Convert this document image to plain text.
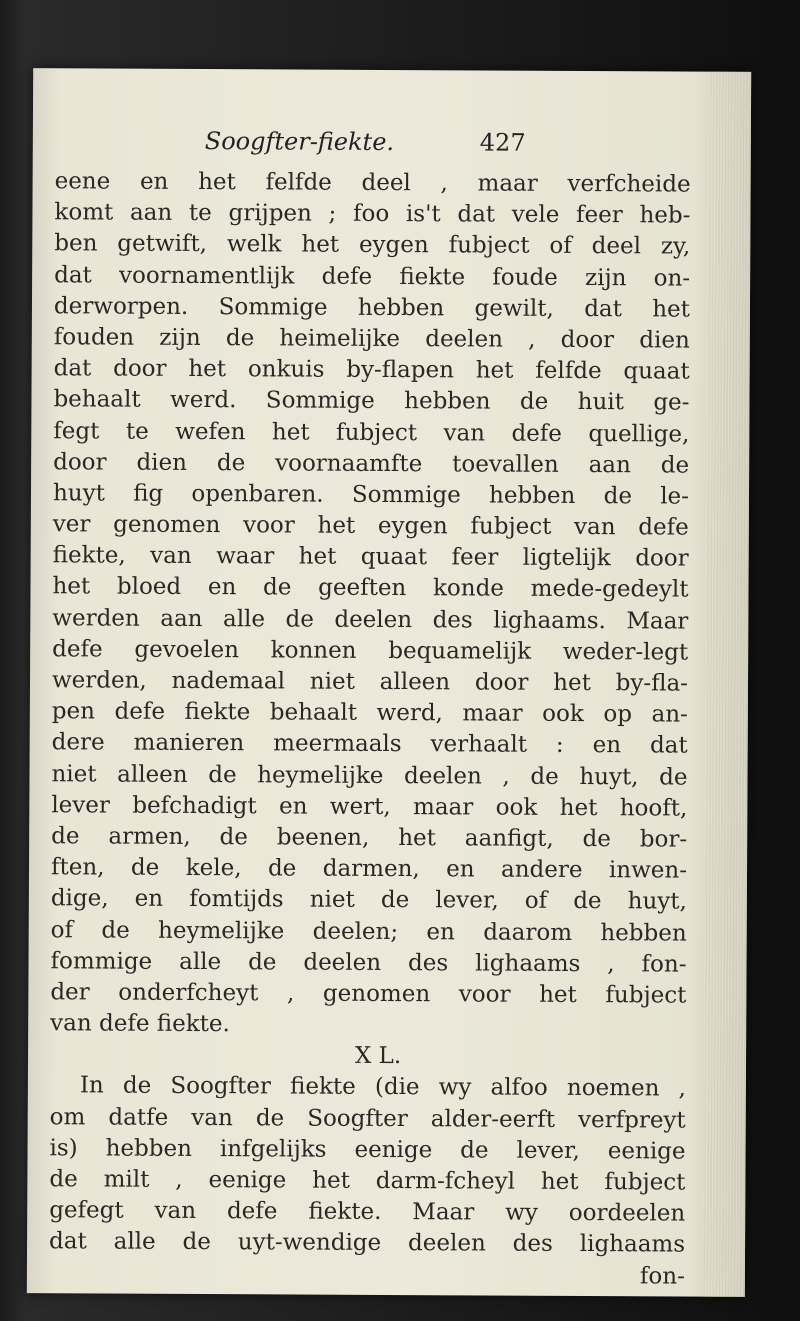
Soogfter-fiekte.	427
eene en het felfde deel , maar verfcheide
komt aan te grijpen ; foo is't dat vele feer heb-
ben getwift, welk het eygen fubject of deel zy,
dat voornamentlijk defe fiekte foude zijn on-
derworpen. Sommige hebben gewilt, dat het
fouden zijn de heimelijke deelen , door dien
dat door het onkuis by-flapen het felfde quaat
behaalt werd. Sommige hebben de huit ge-
fegt te wefen het fubject van defe quellige,
door dien de voornaamfte toevallen aan de
huyt fig openbaren. Sommige hebben de le-
ver genomen voor het eygen fubject van defe
fiekte, van waar het quaat feer ligtelijk door
het bloed en de geeften konde mede-gedeylt
werden aan alle de deelen des lighaams. Maar
defe gevoelen konnen bequamelijk weder-legt
werden, nademaal niet alleen door het by-fla-
pen defe fiekte behaalt werd, maar ook op an-
dere manieren meermaals verhaalt : en dat
niet alleen de heymelijke deelen , de huyt, de
lever befchadigt en wert, maar ook het hooft,
de armen, de beenen, het aanfigt, de bor-
ften, de kele, de darmen, en andere inwen-
dige, en fomtijds niet de lever, of de huyt,
of de heymelijke deelen; en daarom hebben
fommige alle de deelen des lighaams , fon-
der onderfcheyt , genomen voor het fubject
van defe fiekte.
X L.
In de Soogfter fiekte (die wy alfoo noemen ,
om datfe van de Soogfter alder-eerft verfpreyt
is) hebben infgelijks eenige de lever, eenige
de milt , eenige het darm-fcheyl het fubject
gefegt van defe fiekte. Maar wy oordeelen
dat alle de uyt-wendige deelen des lighaams
fon-
